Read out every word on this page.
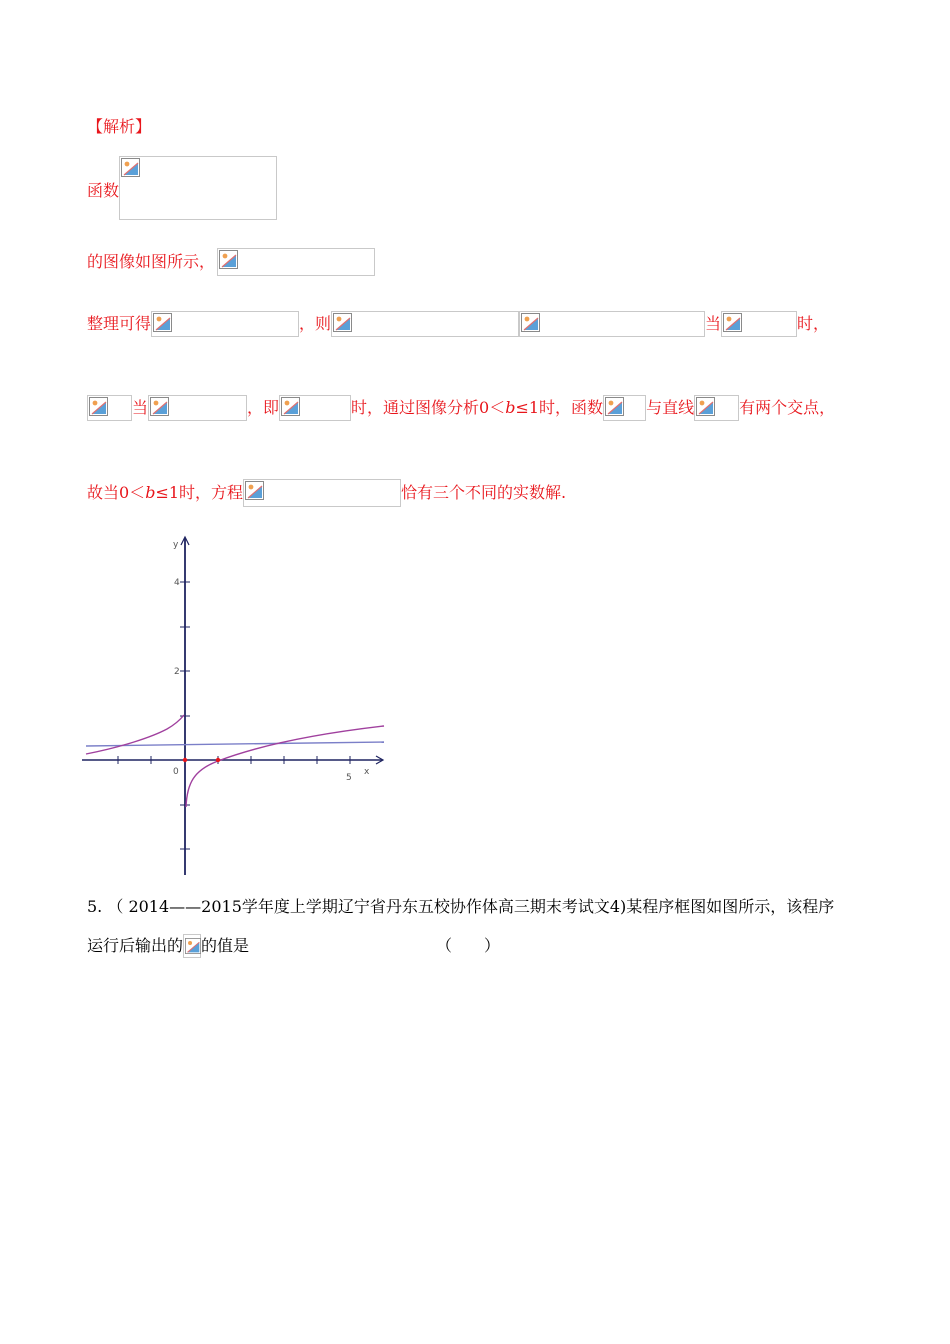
【解析】
函数
的图像如图所示，
整理可得	，则	当	时，
当	，即	时，通过图像分析0＜ b ≤1时，函数	与直线	有两个交点，
故当0＜ b ≤1时，方程	恰有三个不同的实数解.
y
x
0
4
2
5
5. （ 2014——2015学年度上学期辽宁省丹东五校协作体高三期末考试文4)某程序框图如图所示，该程序
运行后输出的 的值是	（　　）
